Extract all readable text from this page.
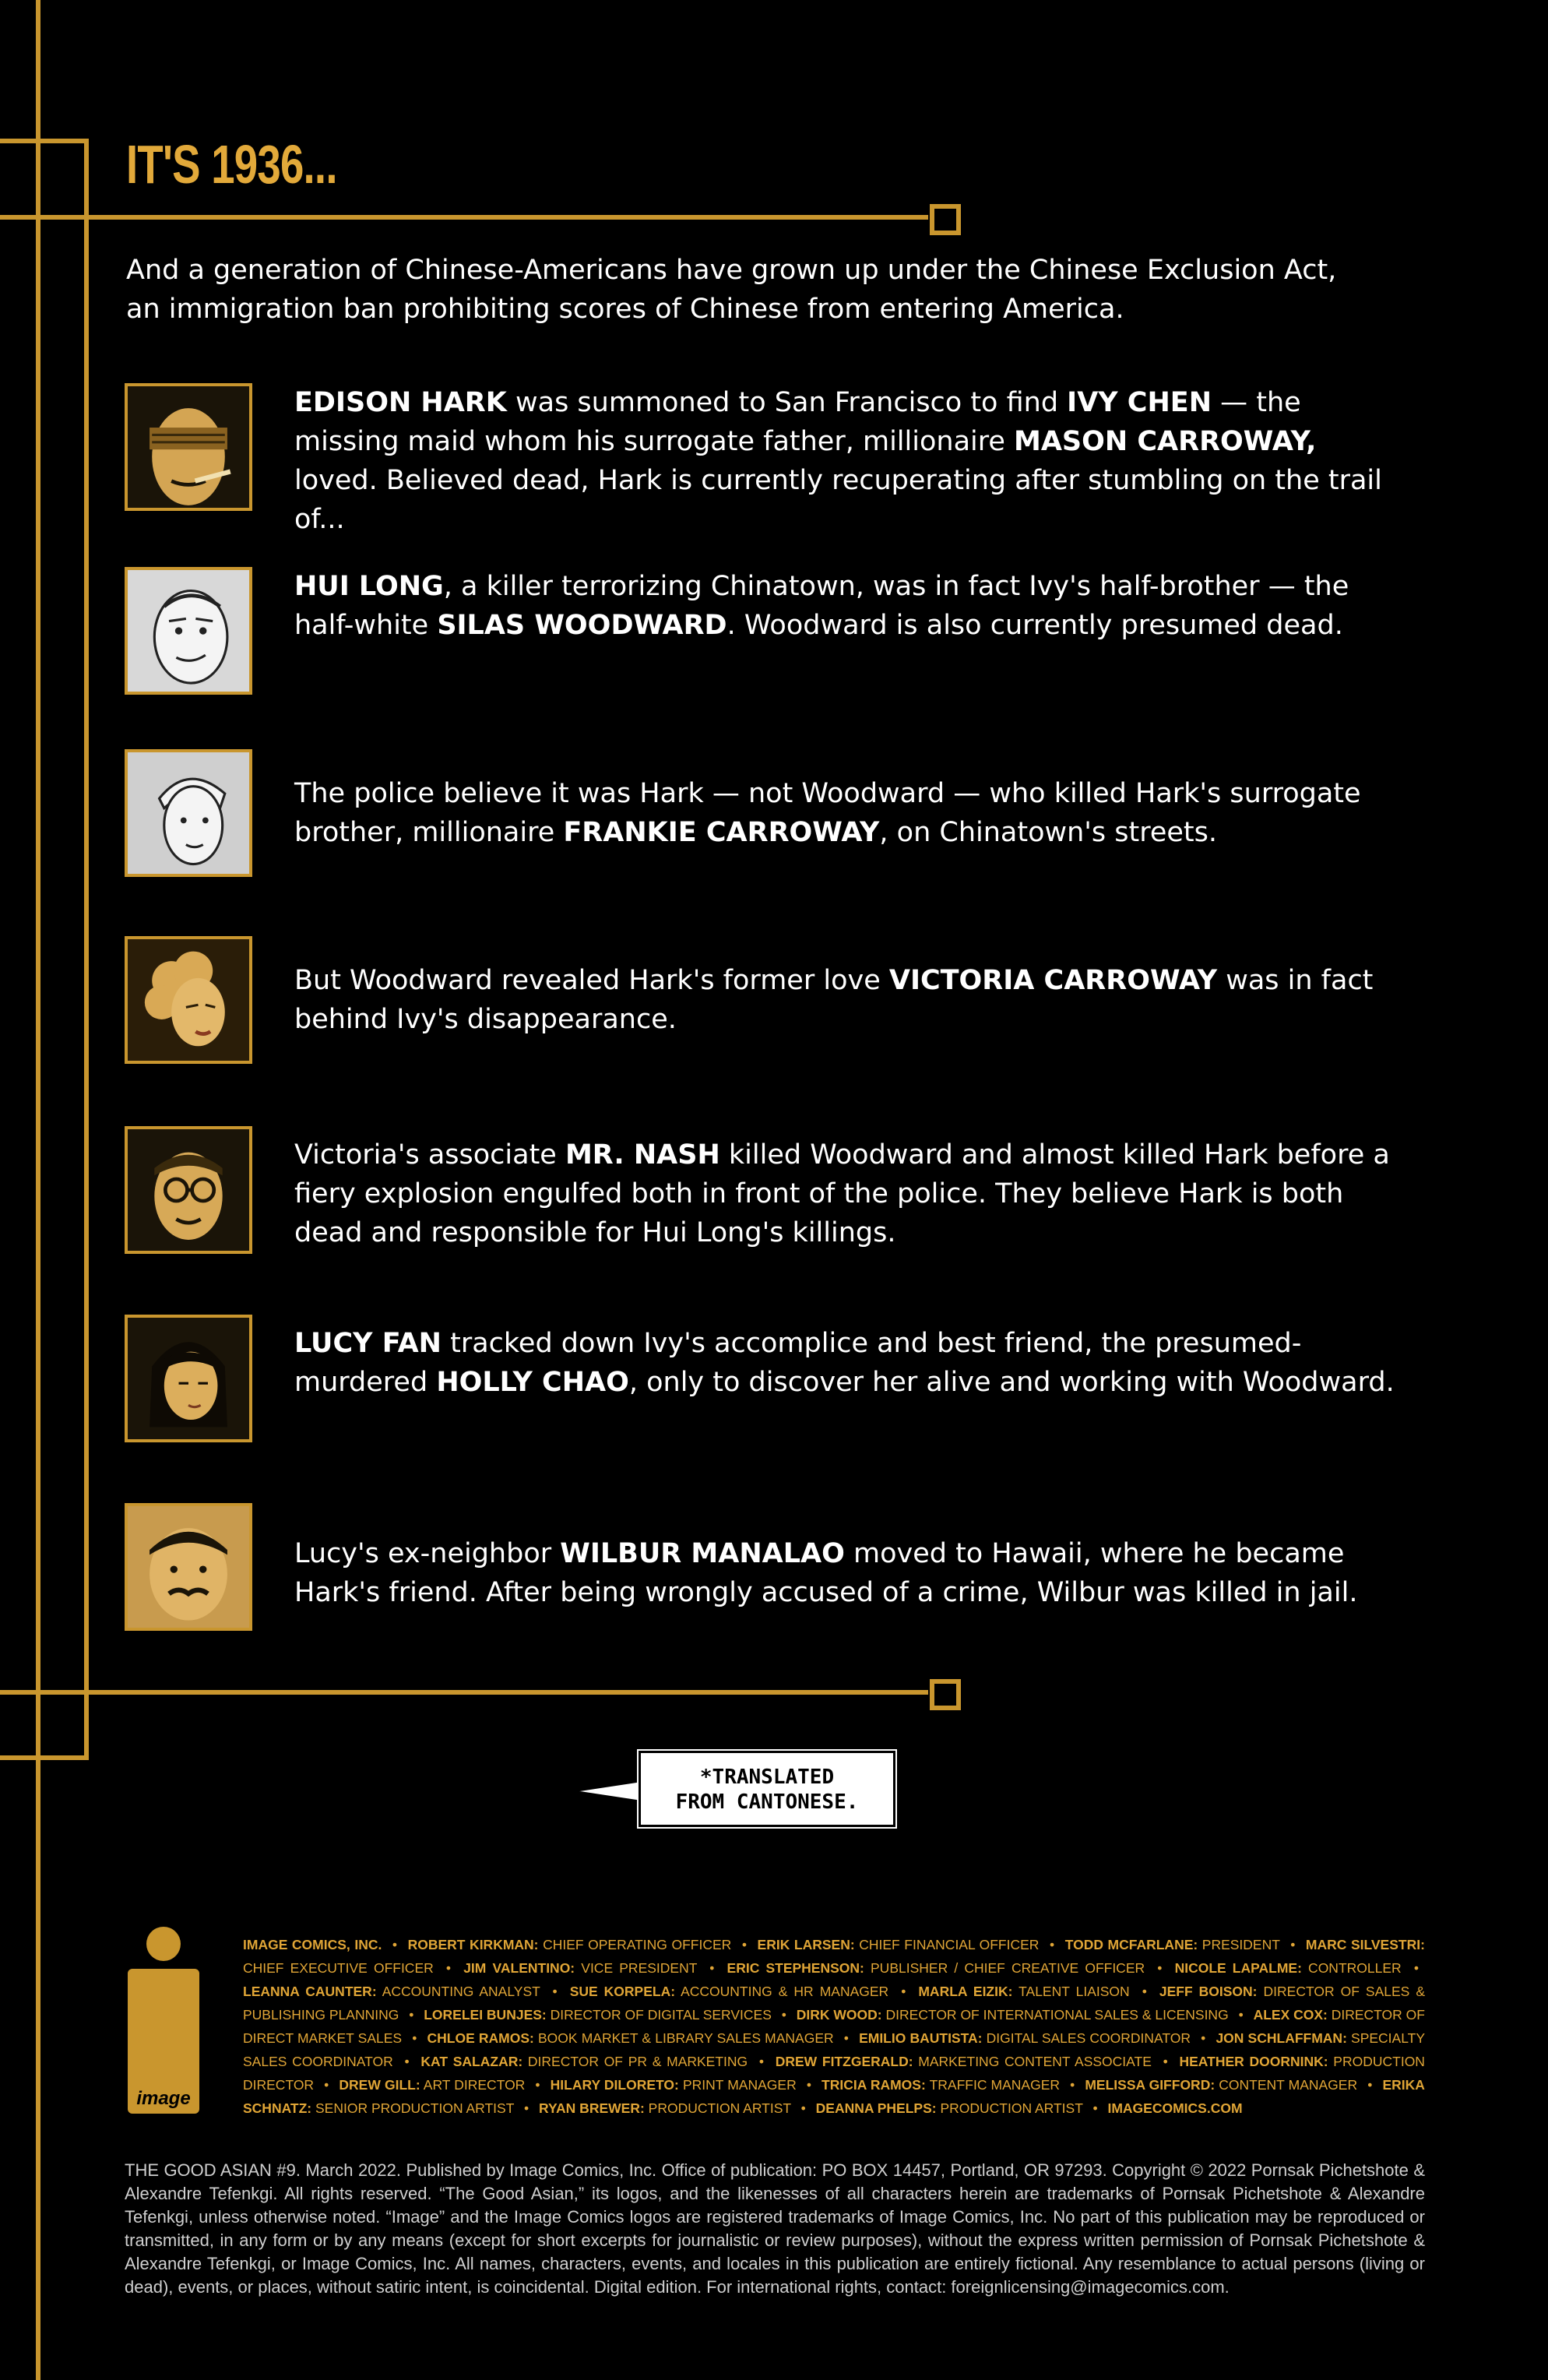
IT'S 1936...
And a generation of Chinese-Americans have grown up under the Chinese Exclusion Act, an immigration ban prohibiting scores of Chinese from entering America.
EDISON HARK was summoned to San Francisco to find IVY CHEN — the missing maid whom his surrogate father, millionaire MASON CARROWAY, loved. Believed dead, Hark is currently recuperating after stumbling on the trail of...
HUI LONG, a killer terrorizing Chinatown, was in fact Ivy's half-brother — the half-white SILAS WOODWARD. Woodward is also currently presumed dead.
The police believe it was Hark — not Woodward — who killed Hark's surrogate brother, millionaire FRANKIE CARROWAY, on Chinatown's streets.
But Woodward revealed Hark's former love VICTORIA CARROWAY was in fact behind Ivy's disappearance.
Victoria's associate MR. NASH killed Woodward and almost killed Hark before a fiery explosion engulfed both in front of the police. They believe Hark is both dead and responsible for Hui Long's killings.
LUCY FAN tracked down Ivy's accomplice and best friend, the presumed-murdered HOLLY CHAO, only to discover her alive and working with Woodward.
Lucy's ex-neighbor WILBUR MANALAO moved to Hawaii, where he became Hark's friend. After being wrongly accused of a crime, Wilbur was killed in jail.
*TRANSLATED
FROM CANTONESE.
image
IMAGE COMICS, INC. • ROBERT KIRKMAN: CHIEF OPERATING OFFICER • ERIK LARSEN: CHIEF FINANCIAL OFFICER • TODD MCFARLANE: PRESIDENT • MARC SILVESTRI: CHIEF EXECUTIVE OFFICER • JIM VALENTINO: VICE PRESIDENT • ERIC STEPHENSON: PUBLISHER / CHIEF CREATIVE OFFICER • NICOLE LAPALME: CONTROLLER • LEANNA CAUNTER: ACCOUNTING ANALYST • SUE KORPELA: ACCOUNTING & HR MANAGER • MARLA EIZIK: TALENT LIAISON • JEFF BOISON: DIRECTOR OF SALES & PUBLISHING PLANNING • LORELEI BUNJES: DIRECTOR OF DIGITAL SERVICES • DIRK WOOD: DIRECTOR OF INTERNATIONAL SALES & LICENSING • ALEX COX: DIRECTOR OF DIRECT MARKET SALES • CHLOE RAMOS: BOOK MARKET & LIBRARY SALES MANAGER • EMILIO BAUTISTA: DIGITAL SALES COORDINATOR • JON SCHLAFFMAN: SPECIALTY SALES COORDINATOR • KAT SALAZAR: DIRECTOR OF PR & MARKETING • DREW FITZGERALD: MARKETING CONTENT ASSOCIATE • HEATHER DOORNINK: PRODUCTION DIRECTOR • DREW GILL: ART DIRECTOR • HILARY DILORETO: PRINT MANAGER • TRICIA RAMOS: TRAFFIC MANAGER • MELISSA GIFFORD: CONTENT MANAGER • ERIKA SCHNATZ: SENIOR PRODUCTION ARTIST • RYAN BREWER: PRODUCTION ARTIST • DEANNA PHELPS: PRODUCTION ARTIST • IMAGECOMICS.COM
THE GOOD ASIAN #9. March 2022. Published by Image Comics, Inc. Office of publication: PO BOX 14457, Portland, OR 97293. Copyright © 2022 Pornsak Pichetshote & Alexandre Tefenkgi. All rights reserved. “The Good Asian,” its logos, and the likenesses of all characters herein are trademarks of Pornsak Pichetshote & Alexandre Tefenkgi, unless otherwise noted. “Image” and the Image Comics logos are registered trademarks of Image Comics, Inc. No part of this publication may be reproduced or transmitted, in any form or by any means (except for short excerpts for journalistic or review purposes), without the express written permission of Pornsak Pichetshote & Alexandre Tefenkgi, or Image Comics, Inc. All names, characters, events, and locales in this publication are entirely fictional. Any resemblance to actual persons (living or dead), events, or places, without satiric intent, is coincidental. Digital edition. For international rights, contact: foreignlicensing@imagecomics.com.
